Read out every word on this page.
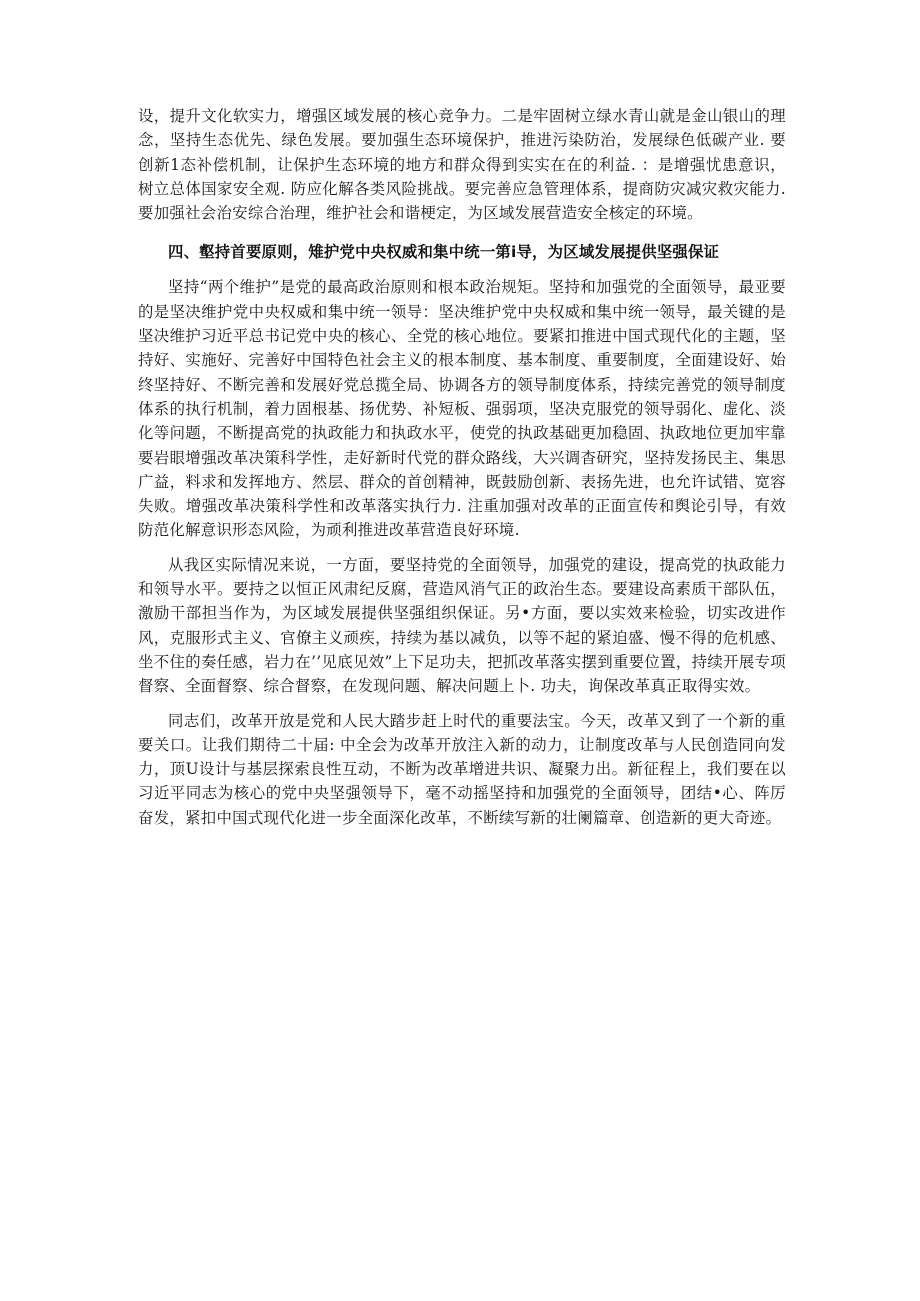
设，提升文化软实力，增强区域发展的核心竞争力。二是牢固树立绿水青山就是金山银山的理念，坚持生态优先、绿色发展。要加强生态环境保护，推进污染防治，发展绿色低碳产业. 要创新1态补偿机制，让保护生态环境的地方和群众得到实实在在的利益. ：是增强忧患意识，树立总体国家安全观. 防应化解各类风险挑战。要完善应急管理体系，提商防灾减灾救灾能力. 要加强社会治安综合治理，维护社会和谐梗定，为区域发展营造安全核定的环境。

四、壑持首要原则，雉护党中央权威和集中统一第i导，为区域发展提供坚强保证

坚持“两个维护”是党的最高政治原则和根本政治规矩。坚持和加强党的全面领导，最亚要的是坚决维护党中央权威和集中统一领导：坚决维护党中央权威和集中统一领导，最关键的是坚决维护习近平总书记党中央的核心、全党的核心地位。要紧扣推进中国式现代化的主题，坚持好、实施好、完善好中国特色社会主义的根本制度、基本制度、重要制度，全面建设好、始终坚持好、不断完善和发展好党总揽全局、协调各方的领导制度体系，持续完善党的领导制度体系的执行机制，着力固根基、扬优势、补短板、强弱项，坚决克服党的领导弱化、虚化、淡化等问题，不断提高党的执政能力和执政水平，使党的执政基础更加稳固、执政地位更加牢靠要岩眼增强改革决策科学性，走好新时代党的群众路线，大兴调杳研究，坚持发扬民主、集思广益，料求和发挥地方、然层、群众的首创精神，既鼓励创新、表扬先进，也允许试错、宽容失败。增强改革决策科学性和改革落实执行力. 注重加强对改革的正面宣传和舆论引导，有效防范化解意识形态风险，为顽利推进改革营造良好环境.

从我区实际情况来说，一方面，要坚持党的全面领导，加强党的建设，提高党的执政能力和领导水平。要持之以恒正风肃纪反腐，营造风消气正的政治生态。要建设高素质干部队伍，激励干部担当作为，为区域发展提供坚强组织保证。另•方面，要以实效来检验，切实改进作风，克服形式主义、官僚主义顽疾，持续为基以减负，以等不起的紧迫盛、慢不得的危机感、坐不住的奏任感，岩力在’’见底见效”上下足功夫，把抓改革落实摆到重要位置，持续开展专项督察、全面督察、综合督察，在发现问题、解决问题上卜. 功夫，询保改革真正取得实效。

同志们，改革开放是党和人民大踏步赶上时代的重要法宝。今天，改革又到了一个新的重要关口。让我们期待二十届: 中全会为改革开放注入新的动力，让制度改革与人民创造同向发力，顶U设计与基层探索良性互动，不断为改革增进共识、凝聚力出。新征程上，我们要在以习近平同志为核心的党中央坚强领导下，毫不动摇坚持和加强党的全面领导，团结•心、阵厉奋发，紧扣中国式现代化进一步全面深化改革，不断续写新的壮阑篇章、创造新的更大奇迹。
